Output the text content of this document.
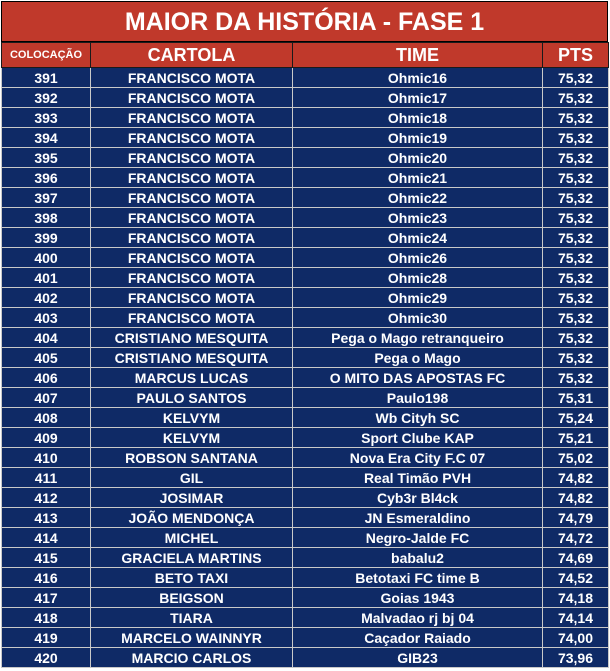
MAIOR DA HISTÓRIA - FASE 1
COLOCAÇÃO	CARTOLA	TIME	PTS
391	FRANCISCO MOTA	Ohmic16	75,32
392	FRANCISCO MOTA	Ohmic17	75,32
393	FRANCISCO MOTA	Ohmic18	75,32
394	FRANCISCO MOTA	Ohmic19	75,32
395	FRANCISCO MOTA	Ohmic20	75,32
396	FRANCISCO MOTA	Ohmic21	75,32
397	FRANCISCO MOTA	Ohmic22	75,32
398	FRANCISCO MOTA	Ohmic23	75,32
399	FRANCISCO MOTA	Ohmic24	75,32
400	FRANCISCO MOTA	Ohmic26	75,32
401	FRANCISCO MOTA	Ohmic28	75,32
402	FRANCISCO MOTA	Ohmic29	75,32
403	FRANCISCO MOTA	Ohmic30	75,32
404	CRISTIANO MESQUITA	Pega o Mago retranqueiro	75,32
405	CRISTIANO MESQUITA	Pega o Mago	75,32
406	MARCUS LUCAS	O MITO DAS APOSTAS FC	75,32
407	PAULO SANTOS	Paulo198	75,31
408	KELVYM	Wb Cityh SC	75,24
409	KELVYM	Sport Clube KAP	75,21
410	ROBSON SANTANA	Nova Era City F.C 07	75,02
411	GIL	Real Timão PVH	74,82
412	JOSIMAR	Cyb3r Bl4ck	74,82
413	JOÃO MENDONÇA	JN Esmeraldino	74,79
414	MICHEL	Negro-Jalde FC	74,72
415	GRACIELA MARTINS	babalu2	74,69
416	BETO TAXI	Betotaxi FC time B	74,52
417	BEIGSON	Goias 1943	74,18
418	TIARA	Malvadao rj bj 04	74,14
419	MARCELO WAINNYR	Caçador Raiado	74,00
420	MARCIO CARLOS	GIB23	73,96
